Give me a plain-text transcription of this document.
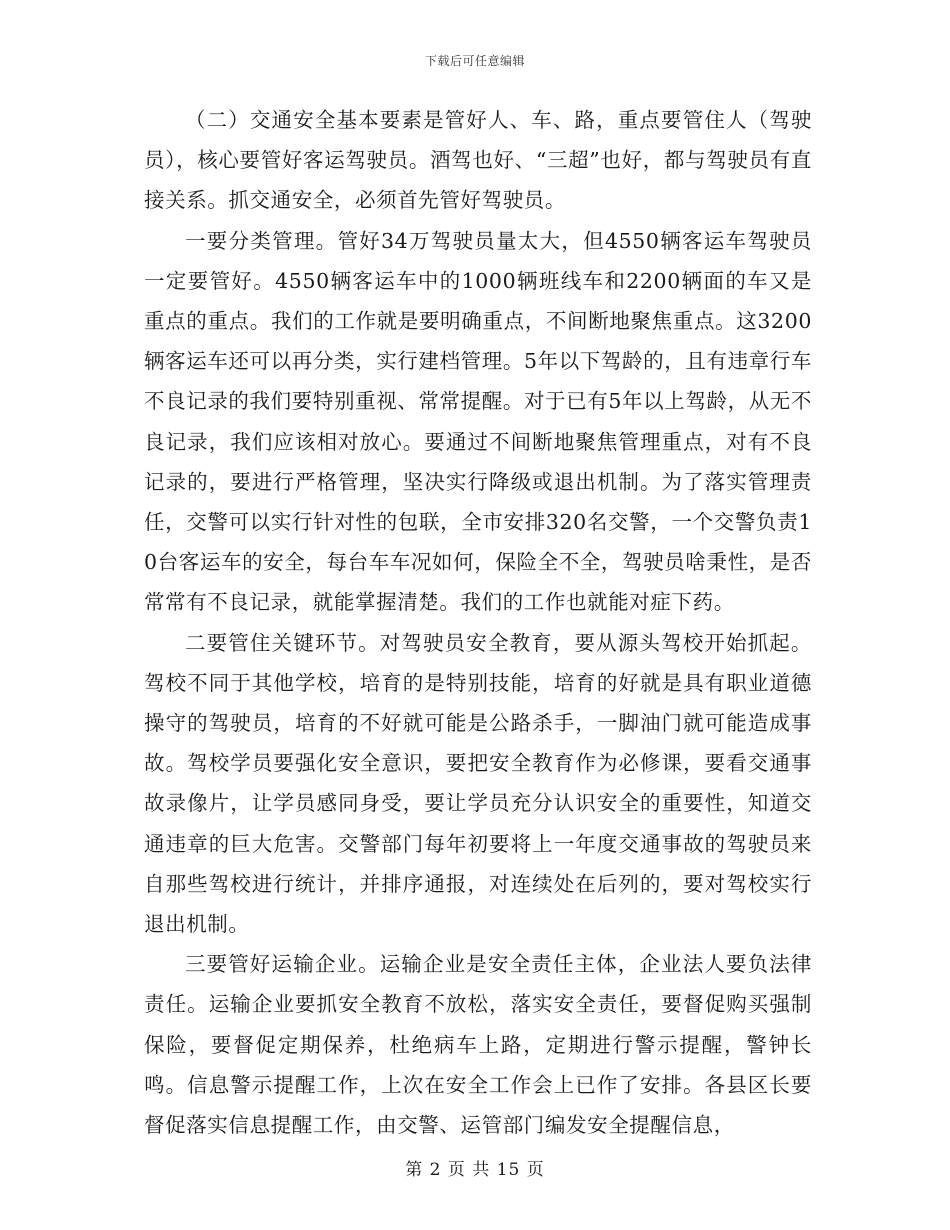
下载后可任意编辑

（二）交通安全基本要素是管好人、车、路，重点要管住人（驾驶员），核心要管好客运驾驶员。酒驾也好、“三超”也好，都与驾驶员有直接关系。抓交通安全，必须首先管好驾驶员。

一要分类管理。管好34万驾驶员量太大，但4550辆客运车驾驶员一定要管好。4550辆客运车中的1000辆班线车和2200辆面的车又是重点的重点。我们的工作就是要明确重点，不间断地聚焦重点。这3200辆客运车还可以再分类，实行建档管理。5年以下驾龄的，且有违章行车不良记录的我们要特别重视、常常提醒。对于已有5年以上驾龄，从无不良记录，我们应该相对放心。要通过不间断地聚焦管理重点，对有不良记录的，要进行严格管理，坚决实行降级或退出机制。为了落实管理责任，交警可以实行针对性的包联，全市安排320名交警，一个交警负责10台客运车的安全，每台车车况如何，保险全不全，驾驶员啥秉性，是否常常有不良记录，就能掌握清楚。我们的工作也就能对症下药。

二要管住关键环节。对驾驶员安全教育，要从源头驾校开始抓起。驾校不同于其他学校，培育的是特别技能，培育的好就是具有职业道德操守的驾驶员，培育的不好就可能是公路杀手，一脚油门就可能造成事故。驾校学员要强化安全意识，要把安全教育作为必修课，要看交通事故录像片，让学员感同身受，要让学员充分认识安全的重要性，知道交通违章的巨大危害。交警部门每年初要将上一年度交通事故的驾驶员来自那些驾校进行统计，并排序通报，对连续处在后列的，要对驾校实行退出机制。

三要管好运输企业。运输企业是安全责任主体，企业法人要负法律责任。运输企业要抓安全教育不放松，落实安全责任，要督促购买强制保险，要督促定期保养，杜绝病车上路，定期进行警示提醒，警钟长鸣。信息警示提醒工作，上次在安全工作会上已作了安排。各县区长要督促落实信息提醒工作，由交警、运管部门编发安全提醒信息，

第 2 页 共 15 页
